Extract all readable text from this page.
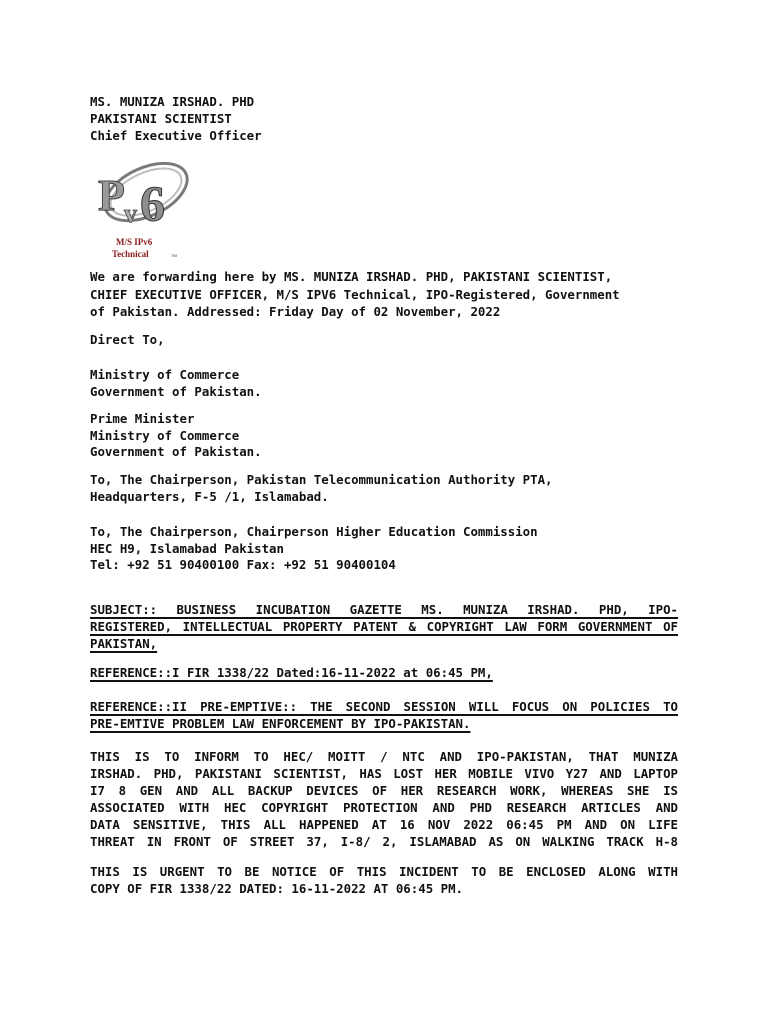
MS. MUNIZA IRSHAD. PHD
PAKISTANI SCIENTIST
Chief Executive Officer
P v 6
M/S IPv6
Technical	TM
We are forwarding here by MS. MUNIZA IRSHAD. PHD, PAKISTANI SCIENTIST,
CHIEF EXECUTIVE OFFICER, M/S IPV6 Technical, IPO-Registered, Government
of Pakistan. Addressed: Friday Day of 02 November, 2022
Direct To,
Ministry of Commerce
Government of Pakistan.
Prime Minister
Ministry of Commerce
Government of Pakistan.
To, The Chairperson, Pakistan Telecommunication Authority PTA,
Headquarters, F-5 /1, Islamabad.
To, The Chairperson, Chairperson Higher Education Commission
HEC H9, Islamabad Pakistan
Tel: +92 51 90400100 Fax: +92 51 90400104
SUBJECT:: BUSINESS INCUBATION GAZETTE MS. MUNIZA IRSHAD. PHD, IPO-
REGISTERED, INTELLECTUAL PROPERTY PATENT & COPYRIGHT LAW FORM GOVERNMENT OF
PAKISTAN,
REFERENCE::I FIR 1338/22 Dated:16-11-2022 at 06:45 PM,
REFERENCE::II PRE-EMPTIVE:: THE SECOND SESSION WILL FOCUS ON POLICIES TO
PRE-EMTIVE PROBLEM LAW ENFORCEMENT BY IPO-PAKISTAN.
THIS IS TO INFORM TO HEC/ MOITT / NTC AND IPO-PAKISTAN, THAT MUNIZA
IRSHAD. PHD, PAKISTANI SCIENTIST, HAS LOST HER MOBILE VIVO Y27 AND LAPTOP
I7 8 GEN AND ALL BACKUP DEVICES OF HER RESEARCH WORK, WHEREAS SHE IS
ASSOCIATED WITH HEC COPYRIGHT PROTECTION AND PHD RESEARCH ARTICLES AND
DATA SENSITIVE, THIS ALL HAPPENED AT 16 NOV 2022 06:45 PM AND ON LIFE
THREAT IN FRONT OF STREET 37, I-8/ 2, ISLAMABAD AS ON WALKING TRACK H-8
THIS IS URGENT TO BE NOTICE OF THIS INCIDENT TO BE ENCLOSED ALONG WITH
COPY OF FIR 1338/22 DATED: 16-11-2022 AT 06:45 PM.
